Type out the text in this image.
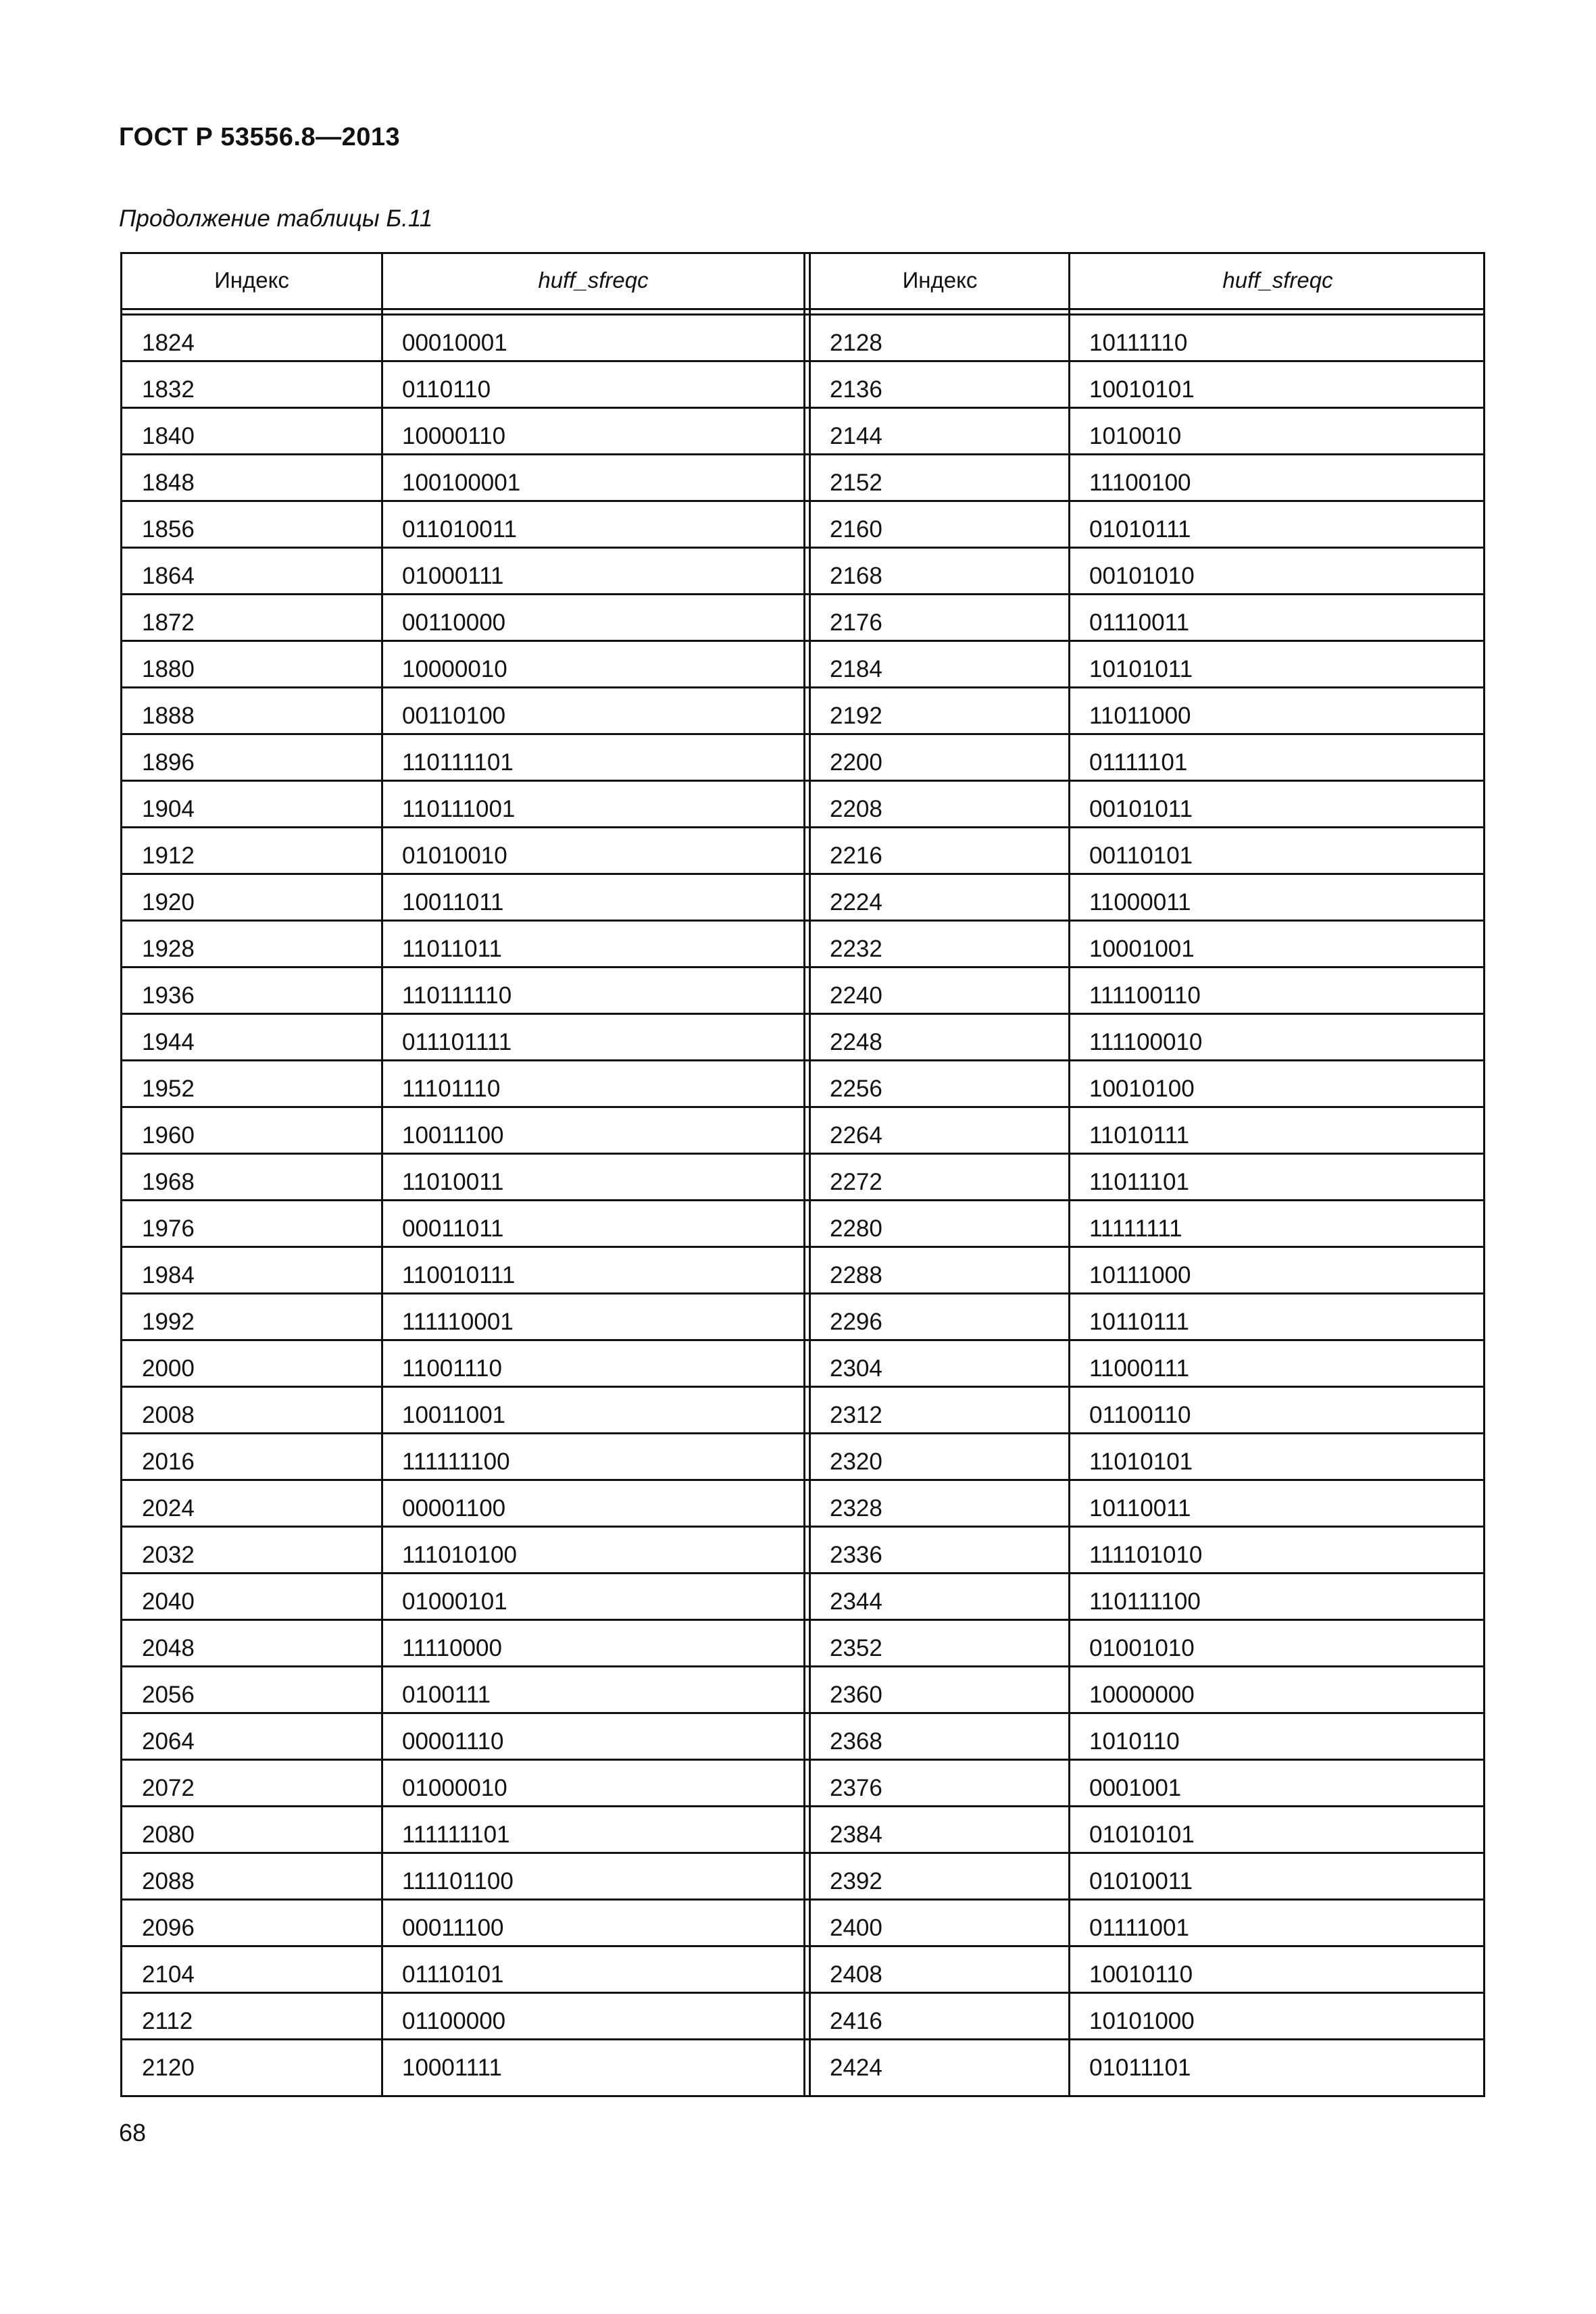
ГОСТ Р 53556.8—2013
Продолжение таблицы Б.11
Индекс	huff_sfreqc	Индекс	huff_sfreqc
1824	00010001	2128	10111110
1832	0110110	2136	10010101
1840	10000110	2144	1010010
1848	100100001	2152	11100100
1856	011010011	2160	01010111
1864	01000111	2168	00101010
1872	00110000	2176	01110011
1880	10000010	2184	10101011
1888	00110100	2192	11011000
1896	110111101	2200	01111101
1904	110111001	2208	00101011
1912	01010010	2216	00110101
1920	10011011	2224	11000011
1928	11011011	2232	10001001
1936	110111110	2240	111100110
1944	011101111	2248	111100010
1952	11101110	2256	10010100
1960	10011100	2264	11010111
1968	11010011	2272	11011101
1976	00011011	2280	11111111
1984	110010111	2288	10111000
1992	111110001	2296	10110111
2000	11001110	2304	11000111
2008	10011001	2312	01100110
2016	111111100	2320	11010101
2024	00001100	2328	10110011
2032	111010100	2336	111101010
2040	01000101	2344	110111100
2048	11110000	2352	01001010
2056	0100111	2360	10000000
2064	00001110	2368	1010110
2072	01000010	2376	0001001
2080	111111101	2384	01010101
2088	111101100	2392	01010011
2096	00011100	2400	01111001
2104	01110101	2408	10010110
2112	01100000	2416	10101000
2120	10001111	2424	01011101
68
